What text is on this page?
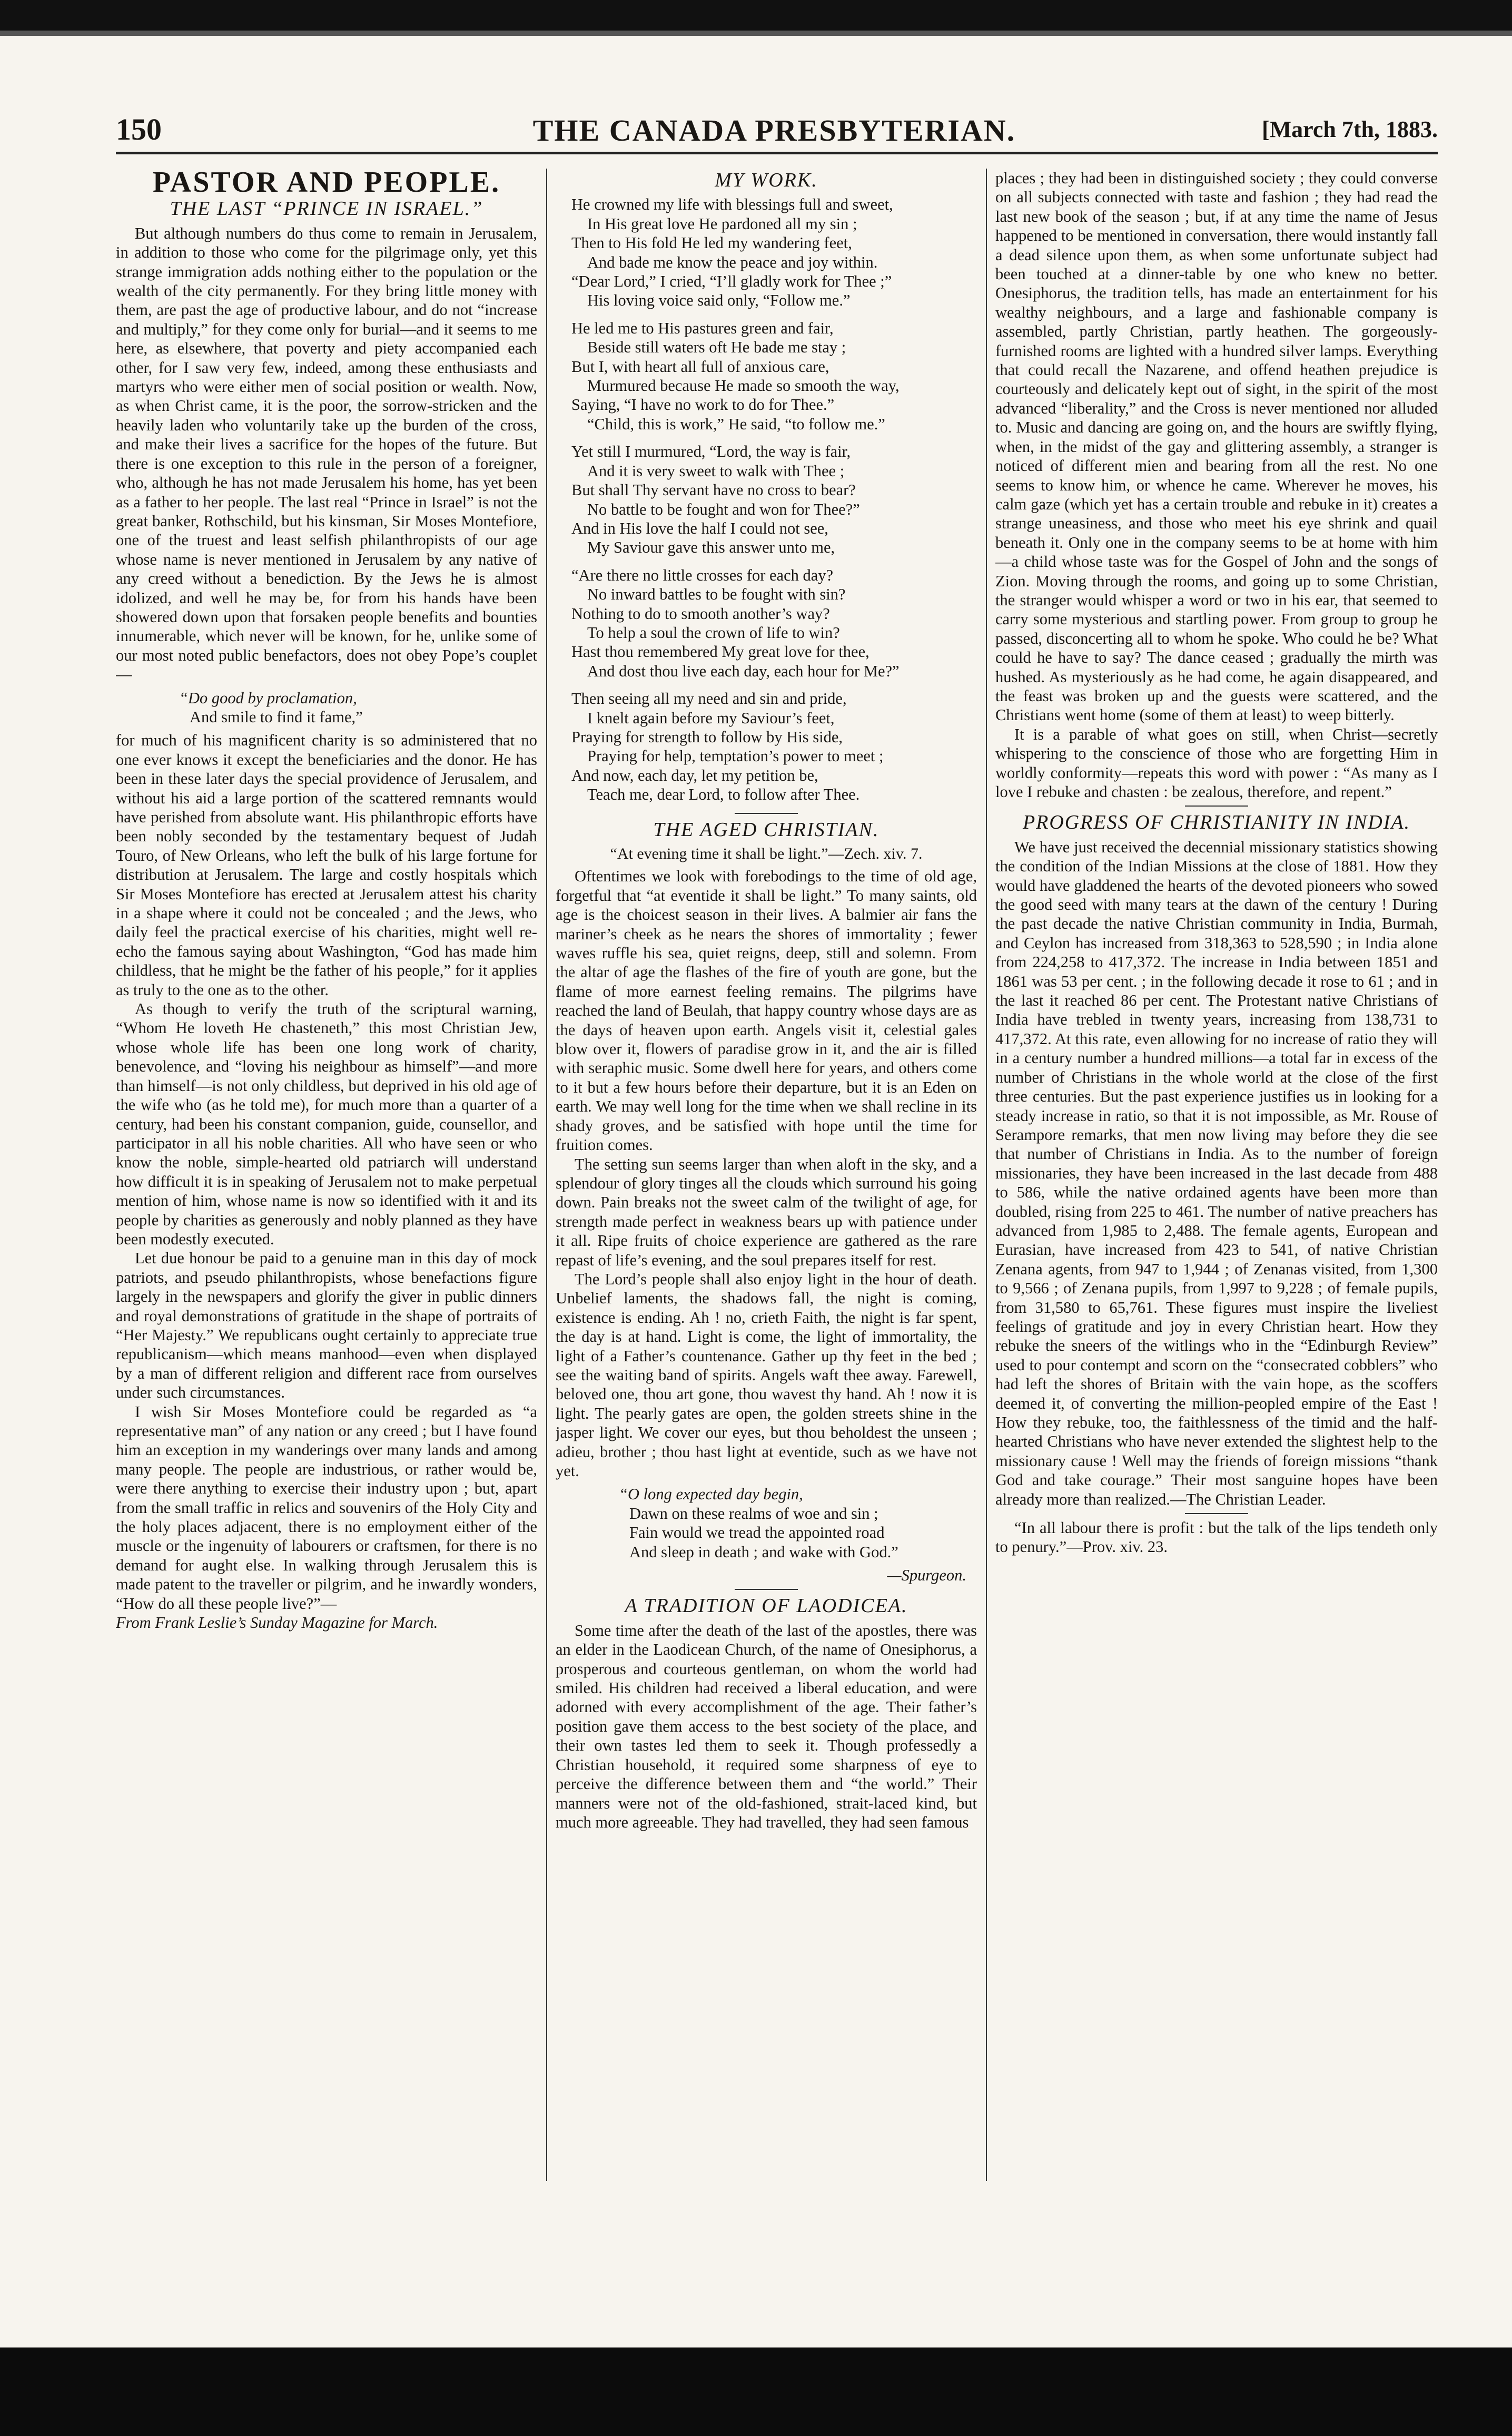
150	THE CANADA PRESBYTERIAN.	[March 7th, 1883.
PASTOR AND PEOPLE.
THE LAST “PRINCE IN ISRAEL.”

But although numbers do thus come to remain in Jerusalem, in addition to those who come for the pilgrimage only, yet this strange immigration adds nothing either to the population or the wealth of the city permanently. For they bring little money with them, are past the age of productive labour, and do not “increase and multiply,” for they come only for burial—and it seems to me here, as elsewhere, that poverty and piety accompanied each other, for I saw very few, indeed, among these enthusiasts and martyrs who were either men of social position or wealth. Now, as when Christ came, it is the poor, the sorrow-stricken and the heavily laden who voluntarily take up the burden of the cross, and make their lives a sacrifice for the hopes of the future. But there is one exception to this rule in the person of a foreigner, who, although he has not made Jerusalem his home, has yet been as a father to her people. The last real “Prince in Israel” is not the great banker, Rothschild, but his kinsman, Sir Moses Montefiore, one of the truest and least selfish philanthropists of our age whose name is never mentioned in Jerusalem by any native of any creed without a benediction. By the Jews he is almost idolized, and well he may be, for from his hands have been showered down upon that forsaken people benefits and bounties innumerable, which never will be known, for he, unlike some of our most noted public benefactors, does not obey Pope’s couplet—

“Do good by proclamation,
And smile to find it fame,”

for much of his magnificent charity is so administered that no one ever knows it except the beneficiaries and the donor. He has been in these later days the special providence of Jerusalem, and without his aid a large portion of the scattered remnants would have perished from absolute want. His philanthropic efforts have been nobly seconded by the testamentary bequest of Judah Touro, of New Orleans, who left the bulk of his large fortune for distribution at Jerusalem. The large and costly hospitals which Sir Moses Montefiore has erected at Jerusalem attest his charity in a shape where it could not be concealed ; and the Jews, who daily feel the practical exercise of his charities, might well re-echo the famous saying about Washington, “God has made him childless, that he might be the father of his people,” for it applies as truly to the one as to the other.

As though to verify the truth of the scriptural warning, “Whom He loveth He chasteneth,” this most Christian Jew, whose whole life has been one long work of charity, benevolence, and “loving his neighbour as himself”—and more than himself—is not only childless, but deprived in his old age of the wife who (as he told me), for much more than a quarter of a century, had been his constant companion, guide, counsellor, and participator in all his noble charities. All who have seen or who know the noble, simple-hearted old patriarch will understand how difficult it is in speaking of Jerusalem not to make perpetual mention of him, whose name is now so identified with it and its people by charities as generously and nobly planned as they have been modestly executed.

Let due honour be paid to a genuine man in this day of mock patriots, and pseudo philanthropists, whose benefactions figure largely in the newspapers and glorify the giver in public dinners and royal demonstrations of gratitude in the shape of portraits of “Her Majesty.” We republicans ought certainly to appreciate true republicanism—which means manhood—even when displayed by a man of different religion and different race from ourselves under such circumstances.

I wish Sir Moses Montefiore could be regarded as “a representative man” of any nation or any creed ; but I have found him an exception in my wanderings over many lands and among many people. The people are industrious, or rather would be, were there anything to exercise their industry upon ; but, apart from the small traffic in relics and souvenirs of the Holy City and the holy places adjacent, there is no employment either of the muscle or the ingenuity of labourers or craftsmen, for there is no demand for aught else. In walking through Jerusalem this is made patent to the traveller or pilgrim, and he inwardly wonders, “How do all these people live?”—

From Frank Leslie’s Sunday Magazine for March.

MY WORK.
He crowned my life with blessings full and sweet,
In His great love He pardoned all my sin ;
Then to His fold He led my wandering feet,
And bade me know the peace and joy within.
“Dear Lord,” I cried, “I’ll gladly work for Thee ;”
His loving voice said only, “Follow me.”
He led me to His pastures green and fair,
Beside still waters oft He bade me stay ;
But I, with heart all full of anxious care,
Murmured because He made so smooth the way,
Saying, “I have no work to do for Thee.”
“Child, this is work,” He said, “to follow me.”
Yet still I murmured, “Lord, the way is fair,
And it is very sweet to walk with Thee ;
But shall Thy servant have no cross to bear?
No battle to be fought and won for Thee?”
And in His love the half I could not see,
My Saviour gave this answer unto me,
“Are there no little crosses for each day?
No inward battles to be fought with sin?
Nothing to do to smooth another’s way?
To help a soul the crown of life to win?
Hast thou remembered My great love for thee,
And dost thou live each day, each hour for Me?”
Then seeing all my need and sin and pride,
I knelt again before my Saviour’s feet,
Praying for strength to follow by His side,
Praying for help, temptation’s power to meet ;
And now, each day, let my petition be,
Teach me, dear Lord, to follow after Thee.
THE AGED CHRISTIAN.
“At evening time it shall be light.”—Zech. xiv. 7.

Oftentimes we look with forebodings to the time of old age, forgetful that “at eventide it shall be light.” To many saints, old age is the choicest season in their lives. A balmier air fans the mariner’s cheek as he nears the shores of immortality ; fewer waves ruffle his sea, quiet reigns, deep, still and solemn. From the altar of age the flashes of the fire of youth are gone, but the flame of more earnest feeling remains. The pilgrims have reached the land of Beulah, that happy country whose days are as the days of heaven upon earth. Angels visit it, celestial gales blow over it, flowers of paradise grow in it, and the air is filled with seraphic music. Some dwell here for years, and others come to it but a few hours before their departure, but it is an Eden on earth. We may well long for the time when we shall recline in its shady groves, and be satisfied with hope until the time for fruition comes.

The setting sun seems larger than when aloft in the sky, and a splendour of glory tinges all the clouds which surround his going down. Pain breaks not the sweet calm of the twilight of age, for strength made perfect in weakness bears up with patience under it all. Ripe fruits of choice experience are gathered as the rare repast of life’s evening, and the soul prepares itself for rest.

The Lord’s people shall also enjoy light in the hour of death. Unbelief laments, the shadows fall, the night is coming, existence is ending. Ah ! no, crieth Faith, the night is far spent, the day is at hand. Light is come, the light of immortality, the light of a Father’s countenance. Gather up thy feet in the bed ; see the waiting band of spirits. Angels waft thee away. Farewell, beloved one, thou art gone, thou wavest thy hand. Ah ! now it is light. The pearly gates are open, the golden streets shine in the jasper light. We cover our eyes, but thou beholdest the unseen ; adieu, brother ; thou hast light at eventide, such as we have not yet.

“O long expected day begin,
Dawn on these realms of woe and sin ;
Fain would we tread the appointed road
And sleep in death ; and wake with God.”
—Spurgeon.
A TRADITION OF LAODICEA.

Some time after the death of the last of the apostles, there was an elder in the Laodicean Church, of the name of Onesiphorus, a prosperous and courteous gentleman, on whom the world had smiled. His children had received a liberal education, and were adorned with every accomplishment of the age. Their father’s position gave them access to the best society of the place, and their own tastes led them to seek it. Though professedly a Christian household, it required some sharpness of eye to perceive the difference between them and “the world.” Their manners were not of the old-fashioned, strait-laced kind, but much more agreeable. They had travelled, they had seen famous

places ; they had been in distinguished society ; they could converse on all subjects connected with taste and fashion ; they had read the last new book of the season ; but, if at any time the name of Jesus happened to be mentioned in conversation, there would instantly fall a dead silence upon them, as when some unfortunate subject had been touched at a dinner-table by one who knew no better. Onesiphorus, the tradition tells, has made an entertainment for his wealthy neighbours, and a large and fashionable company is assembled, partly Christian, partly heathen. The gorgeously-furnished rooms are lighted with a hundred silver lamps. Everything that could recall the Nazarene, and offend heathen prejudice is courteously and delicately kept out of sight, in the spirit of the most advanced “liberality,” and the Cross is never mentioned nor alluded to. Music and dancing are going on, and the hours are swiftly flying, when, in the midst of the gay and glittering assembly, a stranger is noticed of different mien and bearing from all the rest. No one seems to know him, or whence he came. Wherever he moves, his calm gaze (which yet has a certain trouble and rebuke in it) creates a strange uneasiness, and those who meet his eye shrink and quail beneath it. Only one in the company seems to be at home with him—a child whose taste was for the Gospel of John and the songs of Zion. Moving through the rooms, and going up to some Christian, the stranger would whisper a word or two in his ear, that seemed to carry some mysterious and startling power. From group to group he passed, disconcerting all to whom he spoke. Who could he be? What could he have to say? The dance ceased ; gradually the mirth was hushed. As mysteriously as he had come, he again disappeared, and the feast was broken up and the guests were scattered, and the Christians went home (some of them at least) to weep bitterly.

It is a parable of what goes on still, when Christ—secretly whispering to the conscience of those who are forgetting Him in worldly conformity—repeats this word with power : “As many as I love I rebuke and chasten : be zealous, therefore, and repent.”

PROGRESS OF CHRISTIANITY IN INDIA.

We have just received the decennial missionary statistics showing the condition of the Indian Missions at the close of 1881. How they would have gladdened the hearts of the devoted pioneers who sowed the good seed with many tears at the dawn of the century ! During the past decade the native Christian community in India, Burmah, and Ceylon has increased from 318,363 to 528,590 ; in India alone from 224,258 to 417,372. The increase in India between 1851 and 1861 was 53 per cent. ; in the following decade it rose to 61 ; and in the last it reached 86 per cent. The Protestant native Christians of India have trebled in twenty years, increasing from 138,731 to 417,372. At this rate, even allowing for no increase of ratio they will in a century number a hundred millions—a total far in excess of the number of Christians in the whole world at the close of the first three centuries. But the past experience justifies us in looking for a steady increase in ratio, so that it is not impossible, as Mr. Rouse of Serampore remarks, that men now living may before they die see that number of Christians in India. As to the number of foreign missionaries, they have been increased in the last decade from 488 to 586, while the native ordained agents have been more than doubled, rising from 225 to 461. The number of native preachers has advanced from 1,985 to 2,488. The female agents, European and Eurasian, have increased from 423 to 541, of native Christian Zenana agents, from 947 to 1,944 ; of Zenanas visited, from 1,300 to 9,566 ; of Zenana pupils, from 1,997 to 9,228 ; of female pupils, from 31,580 to 65,761. These figures must inspire the liveliest feelings of gratitude and joy in every Christian heart. How they rebuke the sneers of the witlings who in the “Edinburgh Review” used to pour contempt and scorn on the “consecrated cobblers” who had left the shores of Britain with the vain hope, as the scoffers deemed it, of converting the million-peopled empire of the East ! How they rebuke, too, the faithlessness of the timid and the half-hearted Christians who have never extended the slightest help to the missionary cause ! Well may the friends of foreign missions “thank God and take courage.” Their most sanguine hopes have been already more than realized.—The Christian Leader.

“In all labour there is profit : but the talk of the lips tendeth only to penury.”—Prov. xiv. 23.
